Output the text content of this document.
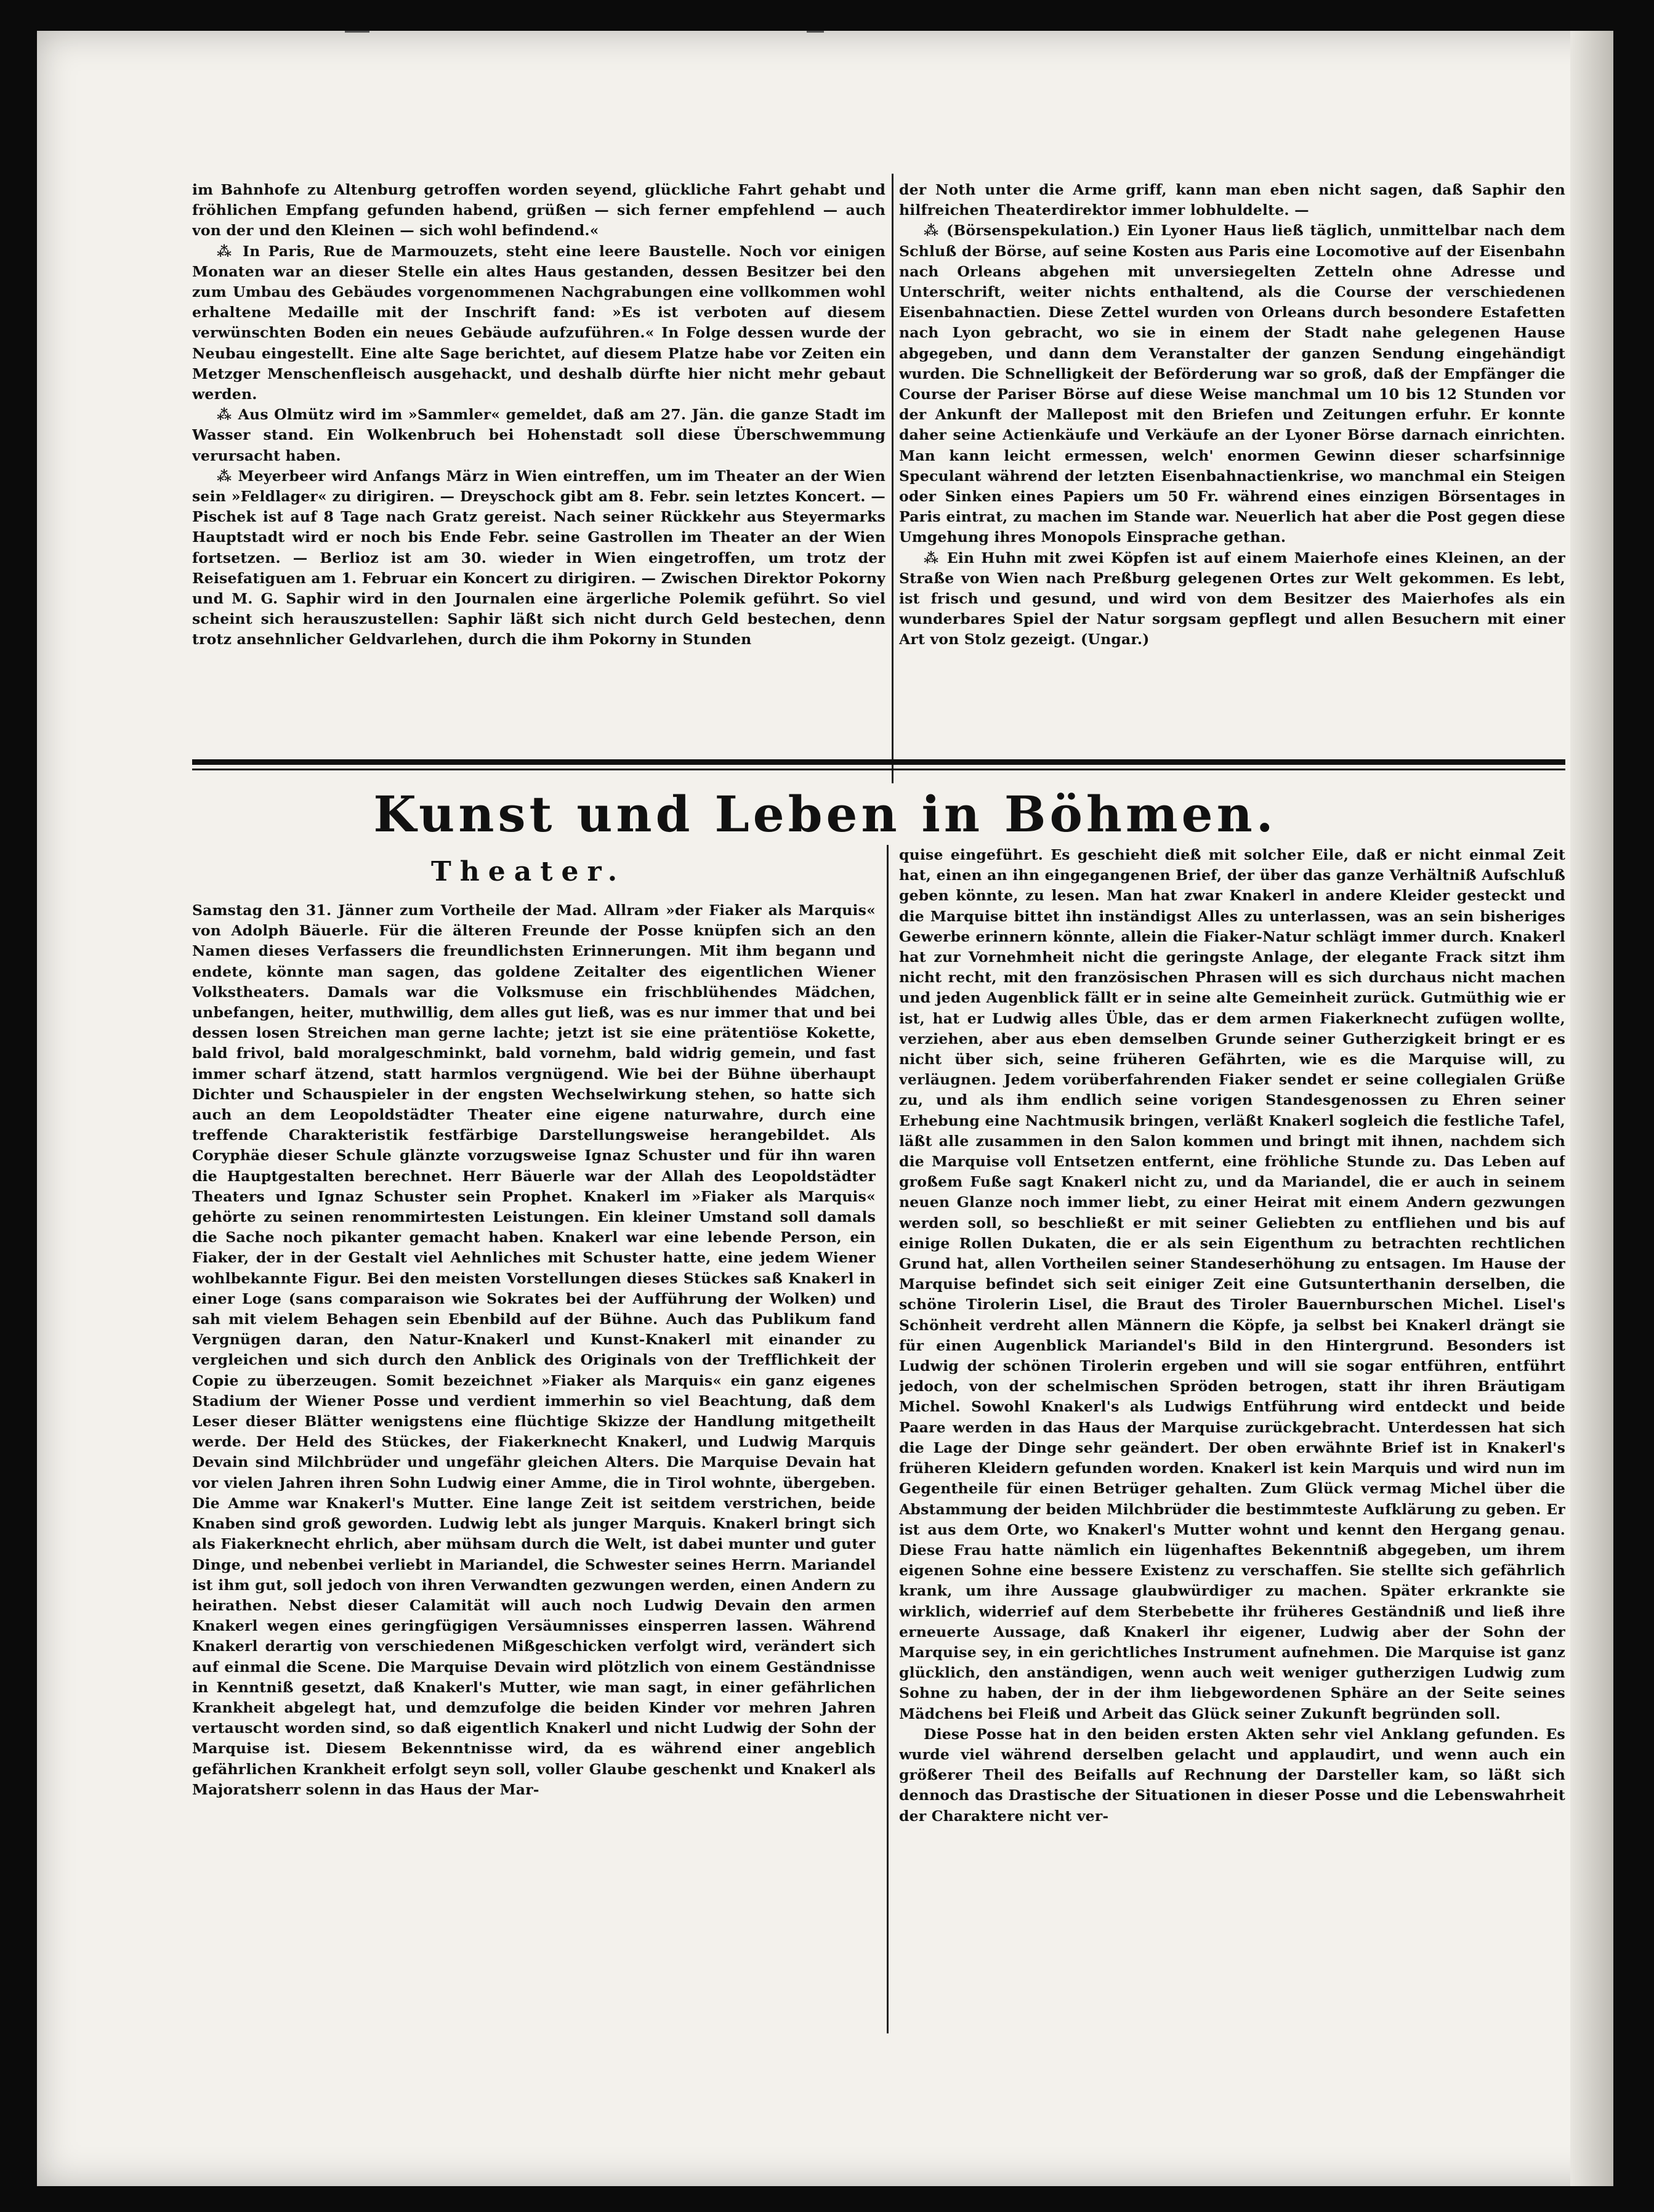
im Bahnhofe zu Altenburg getroffen worden seyend, glückliche Fahrt gehabt und fröhlichen Empfang gefunden habend, grüßen — sich ferner empfehlend — auch von der und den Kleinen — sich wohl befindend.«

⁂ In Paris, Rue de Marmouzets, steht eine leere Baustelle. Noch vor einigen Monaten war an dieser Stelle ein altes Haus gestanden, dessen Besitzer bei den zum Umbau des Gebäudes vorgenommenen Nachgrabungen eine vollkommen wohl erhaltene Medaille mit der Inschrift fand: »Es ist verboten auf diesem verwünschten Boden ein neues Gebäude aufzuführen.« In Folge dessen wurde der Neubau eingestellt. Eine alte Sage berichtet, auf diesem Platze habe vor Zeiten ein Metzger Menschenfleisch ausgehackt, und deshalb dürfte hier nicht mehr gebaut werden.

⁂ Aus Olmütz wird im »Sammler« gemeldet, daß am 27. Jän. die ganze Stadt im Wasser stand. Ein Wolkenbruch bei Hohenstadt soll diese Überschwemmung verursacht haben.

⁂ Meyerbeer wird Anfangs März in Wien eintreffen, um im Theater an der Wien sein »Feldlager« zu dirigiren. — Dreyschock gibt am 8. Febr. sein letztes Koncert. — Pischek ist auf 8 Tage nach Gratz gereist. Nach seiner Rückkehr aus Steyermarks Hauptstadt wird er noch bis Ende Febr. seine Gastrollen im Theater an der Wien fortsetzen. — Berlioz ist am 30. wieder in Wien eingetroffen, um trotz der Reisefatiguen am 1. Februar ein Koncert zu dirigiren. — Zwischen Direktor Pokorny und M. G. Saphir wird in den Journalen eine ärgerliche Polemik geführt. So viel scheint sich herauszustellen: Saphir läßt sich nicht durch Geld bestechen, denn trotz ansehnlicher Geldvarlehen, durch die ihm Pokorny in Stunden

der Noth unter die Arme griff, kann man eben nicht sagen, daß Saphir den hilfreichen Theaterdirektor immer lobhuldelte. —

⁂ (Börsenspekulation.) Ein Lyoner Haus ließ täglich, unmittelbar nach dem Schluß der Börse, auf seine Kosten aus Paris eine Locomotive auf der Eisenbahn nach Orleans abgehen mit unversiegelten Zetteln ohne Adresse und Unterschrift, weiter nichts enthaltend, als die Course der verschiedenen Eisenbahnactien. Diese Zettel wurden von Orleans durch besondere Estafetten nach Lyon gebracht, wo sie in einem der Stadt nahe gelegenen Hause abgegeben, und dann dem Veranstalter der ganzen Sendung eingehändigt wurden. Die Schnelligkeit der Beförderung war so groß, daß der Empfänger die Course der Pariser Börse auf diese Weise manchmal um 10 bis 12 Stunden vor der Ankunft der Mallepost mit den Briefen und Zeitungen erfuhr. Er konnte daher seine Actienkäufe und Verkäufe an der Lyoner Börse darnach einrichten. Man kann leicht ermessen, welch' enormen Gewinn dieser scharfsinnige Speculant während der letzten Eisenbahnactienkrise, wo manchmal ein Steigen oder Sinken eines Papiers um 50 Fr. während eines einzigen Börsentages in Paris eintrat, zu machen im Stande war. Neuerlich hat aber die Post gegen diese Umgehung ihres Monopols Einsprache gethan.

⁂ Ein Huhn mit zwei Köpfen ist auf einem Maierhofe eines Kleinen, an der Straße von Wien nach Preßburg gelegenen Ortes zur Welt gekommen. Es lebt, ist frisch und gesund, und wird von dem Besitzer des Maierhofes als ein wunderbares Spiel der Natur sorgsam gepflegt und allen Besuchern mit einer Art von Stolz gezeigt. (Ungar.)

Kunst und Leben in Böhmen.
Theater.

Samstag den 31. Jänner zum Vortheile der Mad. Allram »der Fiaker als Marquis« von Adolph Bäuerle. Für die älteren Freunde der Posse knüpfen sich an den Namen dieses Verfassers die freundlichsten Erinnerungen. Mit ihm begann und endete, könnte man sagen, das goldene Zeitalter des eigentlichen Wiener Volkstheaters. Damals war die Volksmuse ein frischblühendes Mädchen, unbefangen, heiter, muthwillig, dem alles gut ließ, was es nur immer that und bei dessen losen Streichen man gerne lachte; jetzt ist sie eine prätentiöse Kokette, bald frivol, bald moralgeschminkt, bald vornehm, bald widrig gemein, und fast immer scharf ätzend, statt harmlos vergnügend. Wie bei der Bühne überhaupt Dichter und Schauspieler in der engsten Wechselwirkung stehen, so hatte sich auch an dem Leopoldstädter Theater eine eigene naturwahre, durch eine treffende Charakteristik festfärbige Darstellungsweise herangebildet. Als Coryphäe dieser Schule glänzte vorzugsweise Ignaz Schuster und für ihn waren die Hauptgestalten berechnet. Herr Bäuerle war der Allah des Leopoldstädter Theaters und Ignaz Schuster sein Prophet. Knakerl im »Fiaker als Marquis« gehörte zu seinen renommirtesten Leistungen. Ein kleiner Umstand soll damals die Sache noch pikanter gemacht haben. Knakerl war eine lebende Person, ein Fiaker, der in der Gestalt viel Aehnliches mit Schuster hatte, eine jedem Wiener wohlbekannte Figur. Bei den meisten Vorstellungen dieses Stückes saß Knakerl in einer Loge (sans comparaison wie Sokrates bei der Aufführung der Wolken) und sah mit vielem Behagen sein Ebenbild auf der Bühne. Auch das Publikum fand Vergnügen daran, den Natur-Knakerl und Kunst-Knakerl mit einander zu vergleichen und sich durch den Anblick des Originals von der Trefflichkeit der Copie zu überzeugen. Somit bezeichnet »Fiaker als Marquis« ein ganz eigenes Stadium der Wiener Posse und verdient immerhin so viel Beachtung, daß dem Leser dieser Blätter wenigstens eine flüchtige Skizze der Handlung mitgetheilt werde. Der Held des Stückes, der Fiakerknecht Knakerl, und Ludwig Marquis Devain sind Milchbrüder und ungefähr gleichen Alters. Die Marquise Devain hat vor vielen Jahren ihren Sohn Ludwig einer Amme, die in Tirol wohnte, übergeben. Die Amme war Knakerl's Mutter. Eine lange Zeit ist seitdem verstrichen, beide Knaben sind groß geworden. Ludwig lebt als junger Marquis. Knakerl bringt sich als Fiakerknecht ehrlich, aber mühsam durch die Welt, ist dabei munter und guter Dinge, und nebenbei verliebt in Mariandel, die Schwester seines Herrn. Mariandel ist ihm gut, soll jedoch von ihren Verwandten gezwungen werden, einen Andern zu heirathen. Nebst dieser Calamität will auch noch Ludwig Devain den armen Knakerl wegen eines geringfügigen Versäumnisses einsperren lassen. Während Knakerl derartig von verschiedenen Mißgeschicken verfolgt wird, verändert sich auf einmal die Scene. Die Marquise Devain wird plötzlich von einem Geständnisse in Kenntniß gesetzt, daß Knakerl's Mutter, wie man sagt, in einer gefährlichen Krankheit abgelegt hat, und demzufolge die beiden Kinder vor mehren Jahren vertauscht worden sind, so daß eigentlich Knakerl und nicht Ludwig der Sohn der Marquise ist. Diesem Bekenntnisse wird, da es während einer angeblich gefährlichen Krankheit erfolgt seyn soll, voller Glaube geschenkt und Knakerl als Majoratsherr solenn in das Haus der Mar-

quise eingeführt. Es geschieht dieß mit solcher Eile, daß er nicht einmal Zeit hat, einen an ihn eingegangenen Brief, der über das ganze Verhältniß Aufschluß geben könnte, zu lesen. Man hat zwar Knakerl in andere Kleider gesteckt und die Marquise bittet ihn inständigst Alles zu unterlassen, was an sein bisheriges Gewerbe erinnern könnte, allein die Fiaker-Natur schlägt immer durch. Knakerl hat zur Vornehmheit nicht die geringste Anlage, der elegante Frack sitzt ihm nicht recht, mit den französischen Phrasen will es sich durchaus nicht machen und jeden Augenblick fällt er in seine alte Gemeinheit zurück. Gutmüthig wie er ist, hat er Ludwig alles Üble, das er dem armen Fiakerknecht zufügen wollte, verziehen, aber aus eben demselben Grunde seiner Gutherzigkeit bringt er es nicht über sich, seine früheren Gefährten, wie es die Marquise will, zu verläugnen. Jedem vorüberfahrenden Fiaker sendet er seine collegialen Grüße zu, und als ihm endlich seine vorigen Standesgenossen zu Ehren seiner Erhebung eine Nachtmusik bringen, verläßt Knakerl sogleich die festliche Tafel, läßt alle zusammen in den Salon kommen und bringt mit ihnen, nachdem sich die Marquise voll Entsetzen entfernt, eine fröhliche Stunde zu. Das Leben auf großem Fuße sagt Knakerl nicht zu, und da Mariandel, die er auch in seinem neuen Glanze noch immer liebt, zu einer Heirat mit einem Andern gezwungen werden soll, so beschließt er mit seiner Geliebten zu entfliehen und bis auf einige Rollen Dukaten, die er als sein Eigenthum zu betrachten rechtlichen Grund hat, allen Vortheilen seiner Standeserhöhung zu entsagen. Im Hause der Marquise befindet sich seit einiger Zeit eine Gutsunterthanin derselben, die schöne Tirolerin Lisel, die Braut des Tiroler Bauernburschen Michel. Lisel's Schönheit verdreht allen Männern die Köpfe, ja selbst bei Knakerl drängt sie für einen Augenblick Mariandel's Bild in den Hintergrund. Besonders ist Ludwig der schönen Tirolerin ergeben und will sie sogar entführen, entführt jedoch, von der schelmischen Spröden betrogen, statt ihr ihren Bräutigam Michel. Sowohl Knakerl's als Ludwigs Entführung wird entdeckt und beide Paare werden in das Haus der Marquise zurückgebracht. Unterdessen hat sich die Lage der Dinge sehr geändert. Der oben erwähnte Brief ist in Knakerl's früheren Kleidern gefunden worden. Knakerl ist kein Marquis und wird nun im Gegentheile für einen Betrüger gehalten. Zum Glück vermag Michel über die Abstammung der beiden Milchbrüder die bestimmteste Aufklärung zu geben. Er ist aus dem Orte, wo Knakerl's Mutter wohnt und kennt den Hergang genau. Diese Frau hatte nämlich ein lügenhaftes Bekenntniß abgegeben, um ihrem eigenen Sohne eine bessere Existenz zu verschaffen. Sie stellte sich gefährlich krank, um ihre Aussage glaubwürdiger zu machen. Später erkrankte sie wirklich, widerrief auf dem Sterbebette ihr früheres Geständniß und ließ ihre erneuerte Aussage, daß Knakerl ihr eigener, Ludwig aber der Sohn der Marquise sey, in ein gerichtliches Instrument aufnehmen. Die Marquise ist ganz glücklich, den anständigen, wenn auch weit weniger gutherzigen Ludwig zum Sohne zu haben, der in der ihm liebgewordenen Sphäre an der Seite seines Mädchens bei Fleiß und Arbeit das Glück seiner Zukunft begründen soll.

Diese Posse hat in den beiden ersten Akten sehr viel Anklang gefunden. Es wurde viel während derselben gelacht und applaudirt, und wenn auch ein größerer Theil des Beifalls auf Rechnung der Darsteller kam, so läßt sich dennoch das Drastische der Situationen in dieser Posse und die Lebenswahrheit der Charaktere nicht ver-
